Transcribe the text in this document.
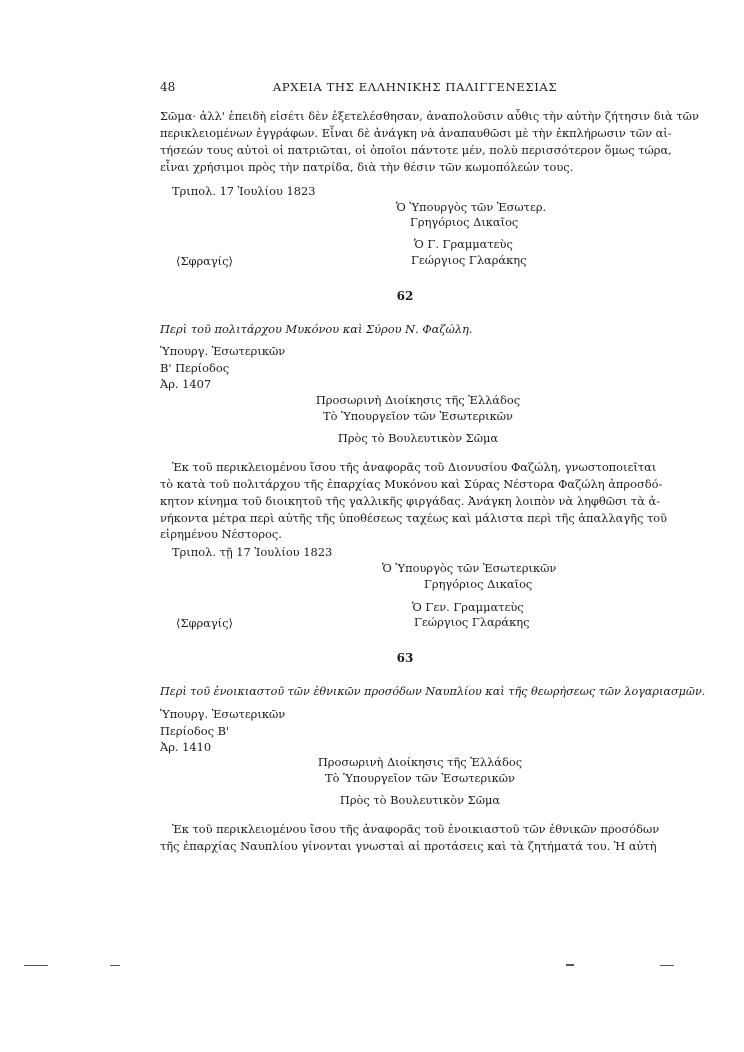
48	ΑΡΧΕΙΑ ΤΗΣ ΕΛΛΗΝΙΚΗΣ ΠΑΛΙΓΓΕΝΕΣΙΑΣ
Σῶμα· ἀλλ' ἐπειδὴ εἰσέτι δὲν ἐξετελέσθησαν, ἀναπολοῦσιν αὖθις τὴν αὐτὴν ζήτησιν διὰ τῶν
περικλειομένων ἐγγράφων. Εἶναι δὲ ἀνάγκη νὰ ἀναπαυθῶσι μὲ τὴν ἐκπλήρωσιν τῶν αἰ-
τήσεών τους αὐτοὶ οἱ πατριῶται, οἱ ὁποῖοι πάντοτε μέν, πολὺ περισσότερον ὅμως τώρα,
εἶναι χρήσιμοι πρὸς τὴν πατρίδα, διὰ τὴν θέσιν τῶν κωμοπόλεών τους.
Τριπολ. 17 Ἰουλίου 1823
Ὁ Ὑπουργὸς τῶν Ἐσωτερ.
Γρηγόριος Δικαῖος
Ὁ Γ. Γραμματεὺς
⟨Σφραγίς⟩	Γεώργιος Γλαράκης
62
Περὶ τοῦ πολιτάρχου Μυκόνου καὶ Σύρου Ν. Φαζώλη.
Ὑπουργ. Ἐσωτερικῶν
Β' Περίοδος
Ἀρ. 1407
Προσωρινὴ Διοίκησις τῆς Ἑλλάδος
Τὸ Ὑπουργεῖον τῶν Ἐσωτερικῶν
Πρὸς τὸ Βουλευτικὸν Σῶμα
Ἐκ τοῦ περικλειομένου ἴσου τῆς ἀναφορᾶς τοῦ Διονυσίου Φαζώλη, γνωστοποιεῖται
τὸ κατὰ τοῦ πολιτάρχου τῆς ἐπαρχίας Μυκόνου καὶ Σύρας Νέστορα Φαζώλη ἀπροσδό-
κητον κίνημα τοῦ διοικητοῦ τῆς γαλλικῆς φιργάδας. Ἀνάγκη λοιπὸν νὰ ληφθῶσι τὰ ἁ-
νήκοντα μέτρα περὶ αὐτῆς τῆς ὑποθέσεως ταχέως καὶ μάλιστα περὶ τῆς ἀπαλλαγῆς τοῦ
εἰρημένου Νέστορος.
Τριπολ. τῇ 17 Ἰουλίου 1823
Ὁ Ὑπουργὸς τῶν Ἐσωτερικῶν
Γρηγόριος Δικαῖος
Ὁ Γεν. Γραμματεὺς
⟨Σφραγίς⟩	Γεώργιος Γλαράκης
63
Περὶ τοῦ ἐνοικιαστοῦ τῶν ἐθνικῶν προσόδων Ναυπλίου καὶ τῆς θεωρήσεως τῶν λογαριασμῶν.
Ὑπουργ. Ἐσωτερικῶν
Περίοδος Β'
Ἀρ. 1410
Προσωρινὴ Διοίκησις τῆς Ἑλλάδος
Τὸ Ὑπουργεῖον τῶν Ἐσωτερικῶν
Πρὸς τὸ Βουλευτικὸν Σῶμα
Ἐκ τοῦ περικλειομένου ἴσου τῆς ἀναφορᾶς τοῦ ἐνοικιαστοῦ τῶν ἐθνικῶν προσόδων
τῆς ἐπαρχίας Ναυπλίου γίνονται γνωσταὶ αἱ προτάσεις καὶ τὰ ζητήματά του. Ἡ αὐτὴ
